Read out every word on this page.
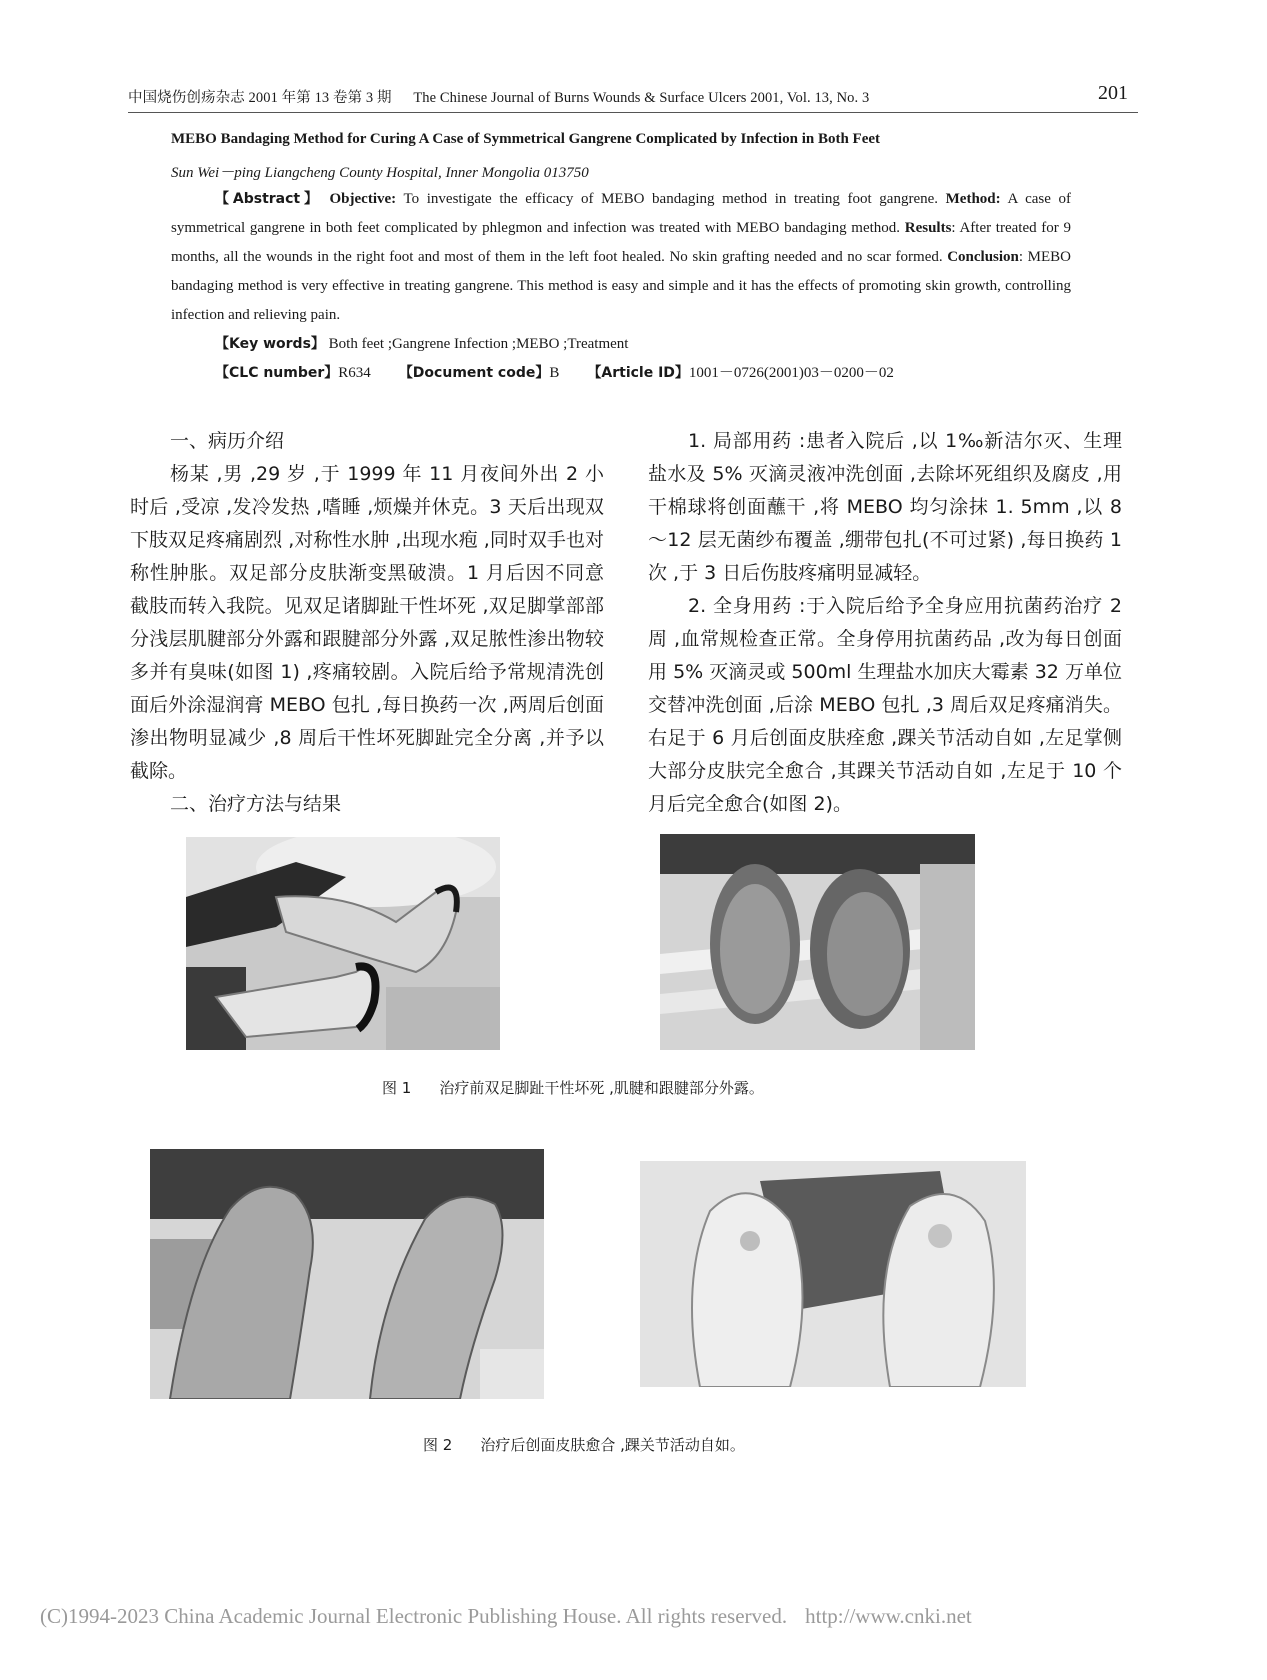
中国烧伤创疡杂志 2001 年第 13 卷第 3 期 The Chinese Journal of Burns Wounds & Surface Ulcers 2001, Vol. 13, No. 3	201
MEBO Bandaging Method for Curing A Case of Symmetrical Gangrene Complicated by Infection in Both Feet
Sun Wei－ping Liangcheng County Hospital, Inner Mongolia 013750
【Abstract】 Objective: To investigate the efficacy of MEBO bandaging method in treating foot gangrene. Method: A case of symmetrical gangrene in both feet complicated by phlegmon and infection was treated with MEBO bandaging method. Results: After treated for 9 months, all the wounds in the right foot and most of them in the left foot healed. No skin grafting needed and no scar formed. Conclusion: MEBO bandaging method is very effective in treating gangrene. This method is easy and simple and it has the effects of promoting skin growth, controlling infection and relieving pain.
【Key words】 Both feet ;Gangrene Infection ;MEBO ;Treatment
【CLC number】R634 【Document code】B 【Article ID】1001－0726(2001)03－0200－02

一、病历介绍

杨某 ,男 ,29 岁 ,于 1999 年 11 月夜间外出 2 小时后 ,受凉 ,发冷发热 ,嗜睡 ,烦燥并休克。3 天后出现双下肢双足疼痛剧烈 ,对称性水肿 ,出现水疱 ,同时双手也对称性肿胀。双足部分皮肤渐变黑破溃。1 月后因不同意截肢而转入我院。见双足诸脚趾干性坏死 ,双足脚掌部部分浅层肌腱部分外露和跟腱部分外露 ,双足脓性渗出物较多并有臭味(如图 1) ,疼痛较剧。入院后给予常规清洗创面后外涂湿润膏 MEBO 包扎 ,每日换药一次 ,两周后创面渗出物明显减少 ,8 周后干性坏死脚趾完全分离 ,并予以截除。

二、治疗方法与结果

1. 局部用药 :患者入院后 ,以 1‰新洁尔灭、生理盐水及 5% 灭滴灵液冲洗创面 ,去除坏死组织及腐皮 ,用干棉球将创面蘸干 ,将 MEBO 均匀涂抹 1. 5mm ,以 8～12 层无菌纱布覆盖 ,绷带包扎(不可过紧) ,每日换药 1 次 ,于 3 日后伤肢疼痛明显减轻。

2. 全身用药 :于入院后给予全身应用抗菌药治疗 2 周 ,血常规检查正常。全身停用抗菌药品 ,改为每日创面用 5% 灭滴灵或 500ml 生理盐水加庆大霉素 32 万单位交替冲洗创面 ,后涂 MEBO 包扎 ,3 周后双足疼痛消失。右足于 6 月后创面皮肤痊愈 ,踝关节活动自如 ,左足掌侧大部分皮肤完全愈合 ,其踝关节活动自如 ,左足于 10 个月后完全愈合(如图 2)。

图 1 治疗前双足脚趾干性坏死 ,肌腱和跟腱部分外露。
图 2 治疗后创面皮肤愈合 ,踝关节活动自如。
(C)1994-2023 China Academic Journal Electronic Publishing House. All rights reserved. http://www.cnki.net
